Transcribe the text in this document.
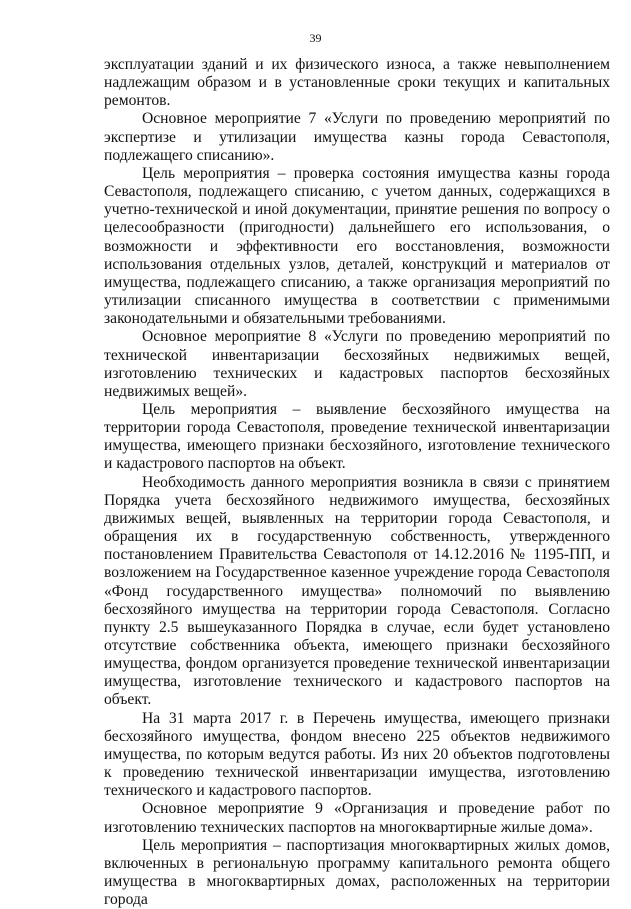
39

эксплуатации зданий и их физического износа, а также невыполнением надлежащим образом и в установленные сроки текущих и капитальных ремонтов.

Основное мероприятие 7 «Услуги по проведению мероприятий по экспертизе и утилизации имущества казны города Севастополя, подлежащего списанию».

Цель мероприятия – проверка состояния имущества казны города Севастополя, подлежащего списанию, с учетом данных, содержащихся в учетно-технической и иной документации, принятие решения по вопросу о целесообразности (пригодности) дальнейшего его использования, о возможности и эффективности его восстановления, возможности использования отдельных узлов, деталей, конструкций и материалов от имущества, подлежащего списанию, а также организация мероприятий по утилизации списанного имущества в соответствии с применимыми законодательными и обязательными требованиями.

Основное мероприятие 8 «Услуги по проведению мероприятий по технической инвентаризации бесхозяйных недвижимых вещей, изготовлению технических и кадастровых паспортов бесхозяйных недвижимых вещей».

Цель мероприятия – выявление бесхозяйного имущества на территории города Севастополя, проведение технической инвентаризации имущества, имеющего признаки бесхозяйного, изготовление технического и кадастрового паспортов на объект.

Необходимость данного мероприятия возникла в связи с принятием Порядка учета бесхозяйного недвижимого имущества, бесхозяйных движимых вещей, выявленных на территории города Севастополя, и обращения их в государственную собственность, утвержденного постановлением Правительства Севастополя от 14.12.2016 № 1195-ПП, и возложением на Государственное казенное учреждение города Севастополя «Фонд государственного имущества» полномочий по выявлению бесхозяйного имущества на территории города Севастополя. Согласно пункту 2.5 вышеуказанного Порядка в случае, если будет установлено отсутствие собственника объекта, имеющего признаки бесхозяйного имущества, фондом организуется проведение технической инвентаризации имущества, изготовление технического и кадастрового паспортов на объект.

На 31 марта 2017 г. в Перечень имущества, имеющего признаки бесхозяйного имущества, фондом внесено 225 объектов недвижимого имущества, по которым ведутся работы. Из них 20 объектов подготовлены к проведению технической инвентаризации имущества, изготовлению технического и кадастрового паспортов.

Основное мероприятие 9 «Организация и проведение работ по изготовлению технических паспортов на многоквартирные жилые дома».

Цель мероприятия – паспортизация многоквартирных жилых домов, включенных в региональную программу капитального ремонта общего имущества в многоквартирных домах, расположенных на территории города
